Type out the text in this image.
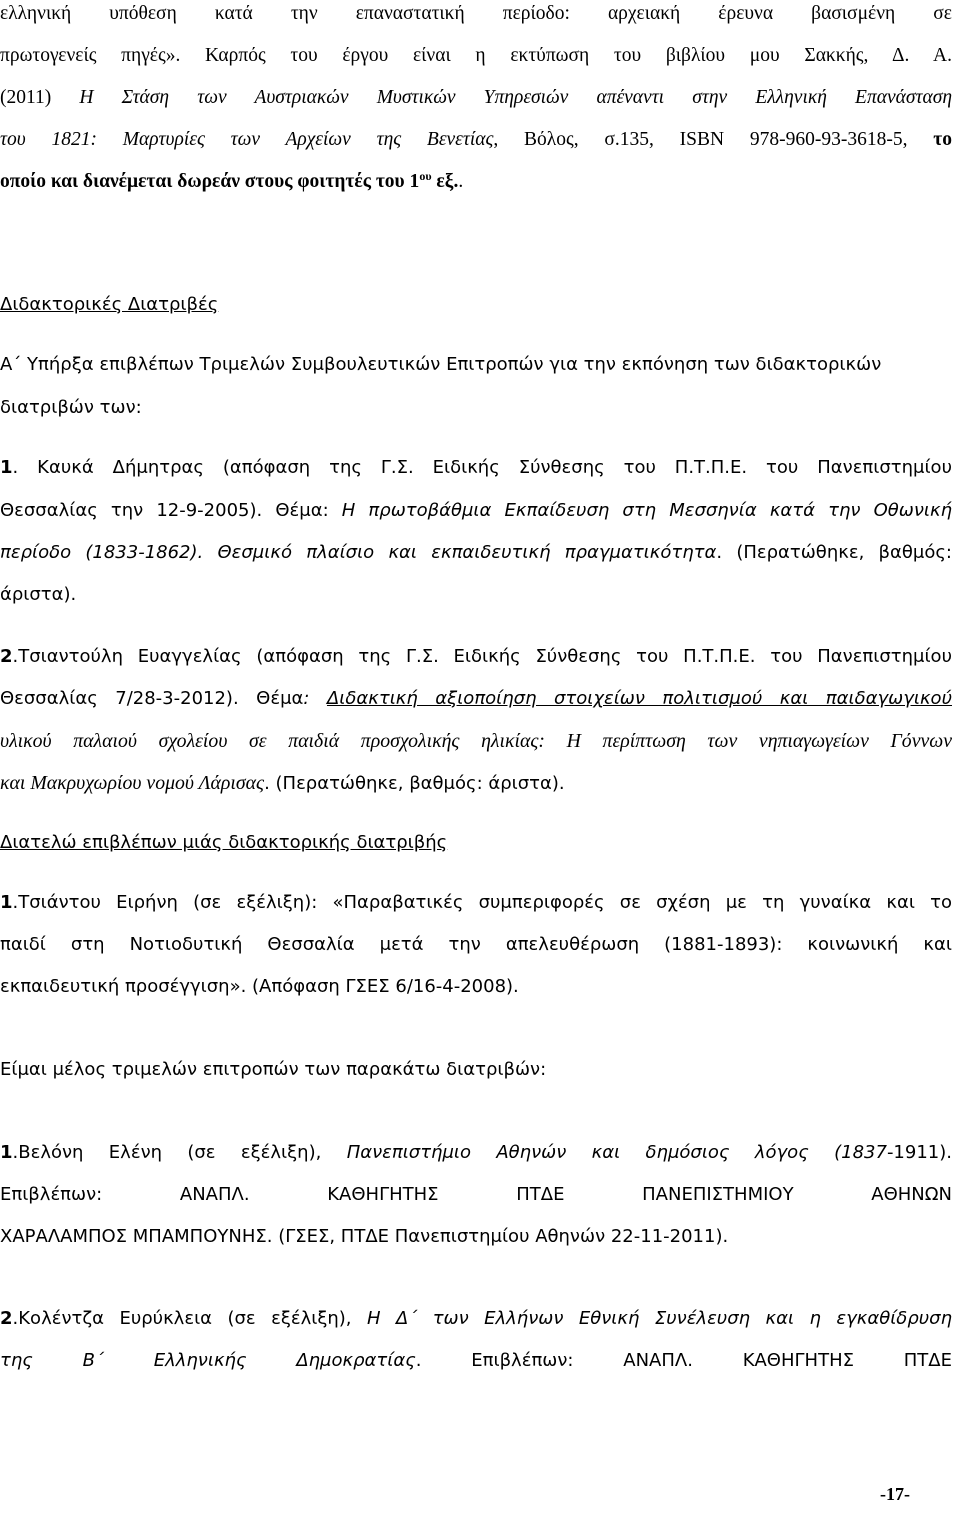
ελληνική υπόθεση κατά την επαναστατική περίοδο: αρχειακή έρευνα βασισμένη σε
πρωτογενείς πηγές». Καρπός του έργου είναι η εκτύπωση του βιβλίου μου Σακκής, Δ. Α.
(2011) Η Στάση των Αυστριακών Μυστικών Υπηρεσιών απέναντι στην Ελληνική Επανάσταση
του 1821: Μαρτυρίες των Αρχείων της Βενετίας, Βόλος, σ.135, ISBN 978-960-93-3618-5, το
οποίο και διανέμεται δωρεάν στους φοιτητές του $1^{o\upsilon}$ εξ..
Διδακτορικές Διατριβές
Α΄ Υπήρξα επιβλέπων Τριμελών Συμβουλευτικών Επιτροπών για την εκπόνηση των διδακτορικών
διατριβών των:
1. Καυκά Δήμητρας (απόφαση της Γ.Σ. Ειδικής Σύνθεσης του Π.Τ.Π.Ε. του Πανεπιστημίου
Θεσσαλίας την 12-9-2005). Θέμα: Η πρωτοβάθμια Εκπαίδευση στη Μεσσηνία κατά την Οθωνική
περίοδο (1833-1862). Θεσμικό πλαίσιο και εκπαιδευτική πραγματικότητα. (Περατώθηκε, βαθμός:
άριστα).
2.Τσιαντούλη Ευαγγελίας (απόφαση της Γ.Σ. Ειδικής Σύνθεσης του Π.Τ.Π.Ε. του Πανεπιστημίου
Θεσσαλίας 7/28-3-2012). Θέμα: Διδακτική αξιοποίηση στοιχείων πολιτισμού και παιδαγωγικού
υλικού παλαιού σχολείου σε παιδιά προσχολικής ηλικίας: Η περίπτωση των νηπιαγωγείων Γόννων
και Μακρυχωρίου νομού Λάρισας. (Περατώθηκε, βαθμός: άριστα).
Διατελώ επιβλέπων μιάς διδακτορικής διατριβής
1.Τσιάντου Ειρήνη (σε εξέλιξη): «Παραβατικές συμπεριφορές σε σχέση με τη γυναίκα και το
παιδί στη Νοτιοδυτική Θεσσαλία μετά την απελευθέρωση (1881-1893): κοινωνική και
εκπαιδευτική προσέγγιση». (Απόφαση ΓΣΕΣ 6/16-4-2008).
Είμαι μέλος τριμελών επιτροπών των παρακάτω διατριβών:
1.Βελόνη Ελένη (σε εξέλιξη), Πανεπιστήμιο Αθηνών και δημόσιος λόγος (1837-1911).
Επιβλέπων: ΑΝΑΠΛ. ΚΑΘΗΓΗΤΗΣ ΠΤΔΕ ΠΑΝΕΠΙΣΤΗΜΙΟΥ ΑΘΗΝΩΝ
ΧΑΡΑΛΑΜΠΟΣ ΜΠΑΜΠΟΥΝΗΣ. (ΓΣΕΣ, ΠΤΔΕ Πανεπιστημίου Αθηνών 22-11-2011).
2.Κολέντζα Ευρύκλεια (σε εξέλιξη), Η Δ΄ των Ελλήνων Εθνική Συνέλευση και η εγκαθίδρυση
της Β΄ Ελληνικής Δημοκρατίας. Επιβλέπων: ΑΝΑΠΛ. ΚΑΘΗΓΗΤΗΣ ΠΤΔΕ
-17-
